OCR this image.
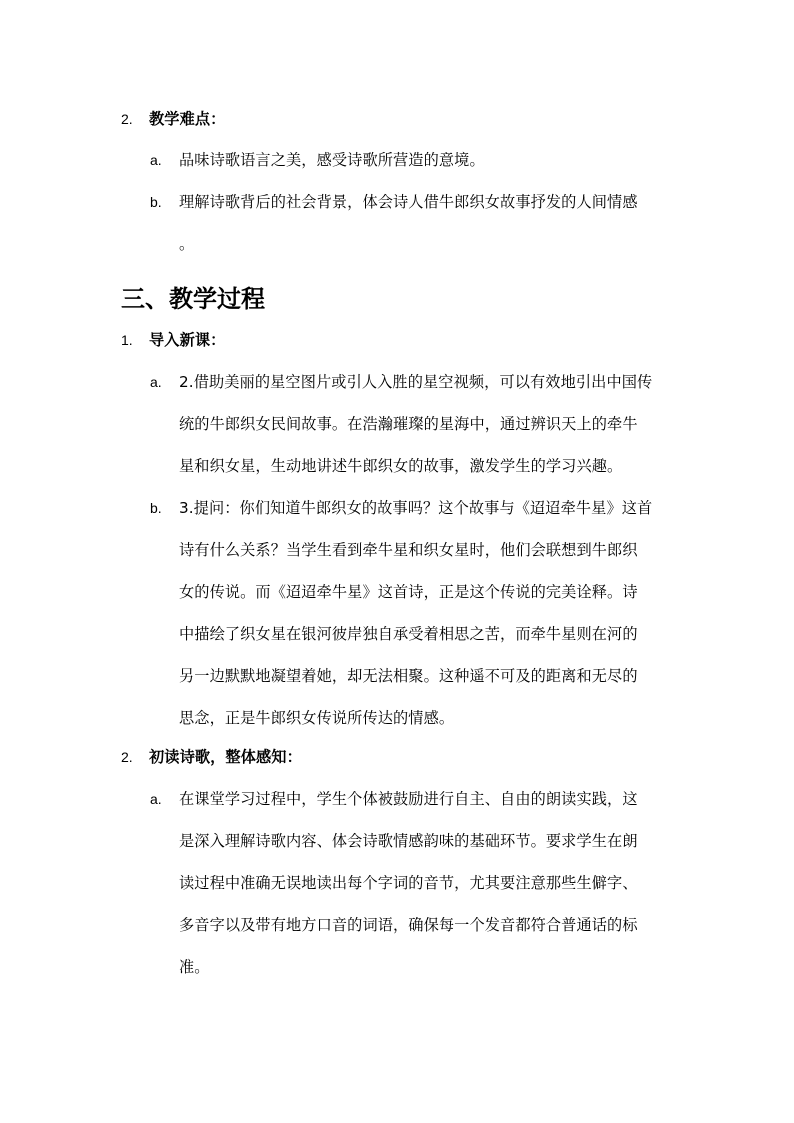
2. 教学难点：
a. 品味诗歌语言之美，感受诗歌所营造的意境。
b. 理解诗歌背后的社会背景，体会诗人借牛郎织女故事抒发的人间情感
。
三、教学过程
1. 导入新课：
a. 2.借助美丽的星空图片或引人入胜的星空视频，可以有效地引出中国传
统的牛郎织女民间故事。在浩瀚璀璨的星海中，通过辨识天上的牵牛
星和织女星，生动地讲述牛郎织女的故事，激发学生的学习兴趣。
b. 3.提问：你们知道牛郎织女的故事吗？这个故事与《迢迢牵牛星》这首
诗有什么关系？当学生看到牵牛星和织女星时，他们会联想到牛郎织
女的传说。而《迢迢牵牛星》这首诗，正是这个传说的完美诠释。诗
中描绘了织女星在银河彼岸独自承受着相思之苦，而牵牛星则在河的
另一边默默地凝望着她，却无法相聚。这种遥不可及的距离和无尽的
思念，正是牛郎织女传说所传达的情感。
2. 初读诗歌，整体感知：
a. 在课堂学习过程中，学生个体被鼓励进行自主、自由的朗读实践，这
是深入理解诗歌内容、体会诗歌情感韵味的基础环节。要求学生在朗
读过程中准确无误地读出每个字词的音节，尤其要注意那些生僻字、
多音字以及带有地方口音的词语，确保每一个发音都符合普通话的标
准。
